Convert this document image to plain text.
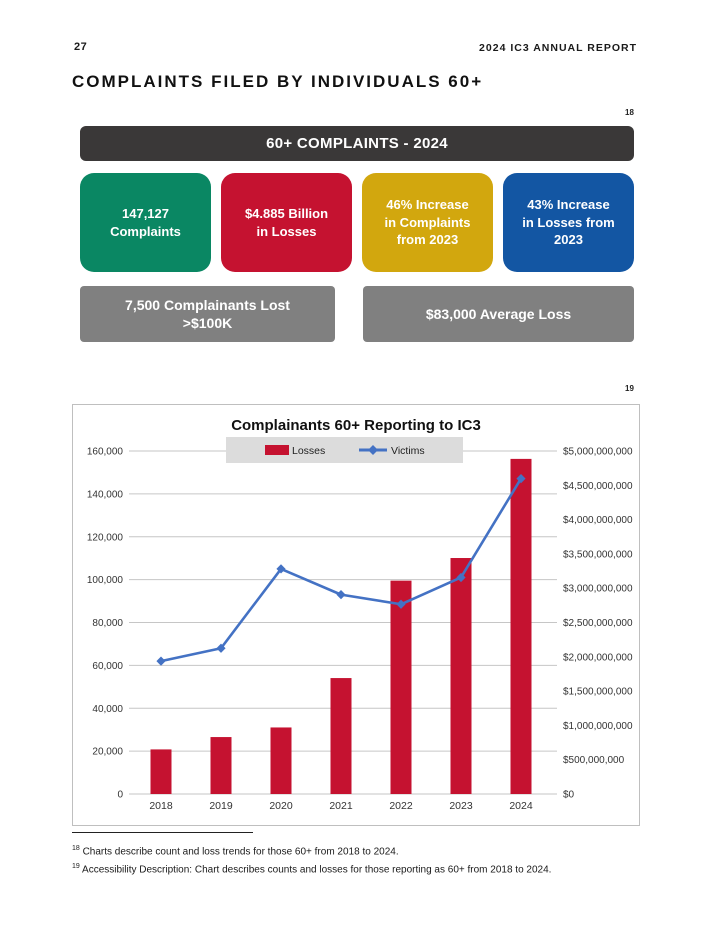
27	2024 IC3 ANNUAL REPORT
COMPLAINTS FILED BY INDIVIDUALS 60+
18
60+ COMPLAINTS - 2024
147,127
Complaints
$4.885 Billion
in Losses
46% Increase
in Complaints
from 2023
43% Increase
in Losses from
2023
7,500 Complainants Lost
>$100K
$83,000 Average Loss
19
Losses	Victims
0
20,000
40,000
60,000
80,000
100,000
120,000
140,000
160,000
$0
$500,000,000
$1,000,000,000
$1,500,000,000
$2,000,000,000
$2,500,000,000
$3,000,000,000
$3,500,000,000
$4,000,000,000
$4,500,000,000
$5,000,000,000
2018	2019	2020	2021	2022	2023	2024
Complainants 60+ Reporting to IC3
$^{18}$ Charts describe count and loss trends for those 60+ from 2018 to 2024.
$^{19}$ Accessibility Description: Chart describes counts and losses for those reporting as 60+ from 2018 to 2024.
